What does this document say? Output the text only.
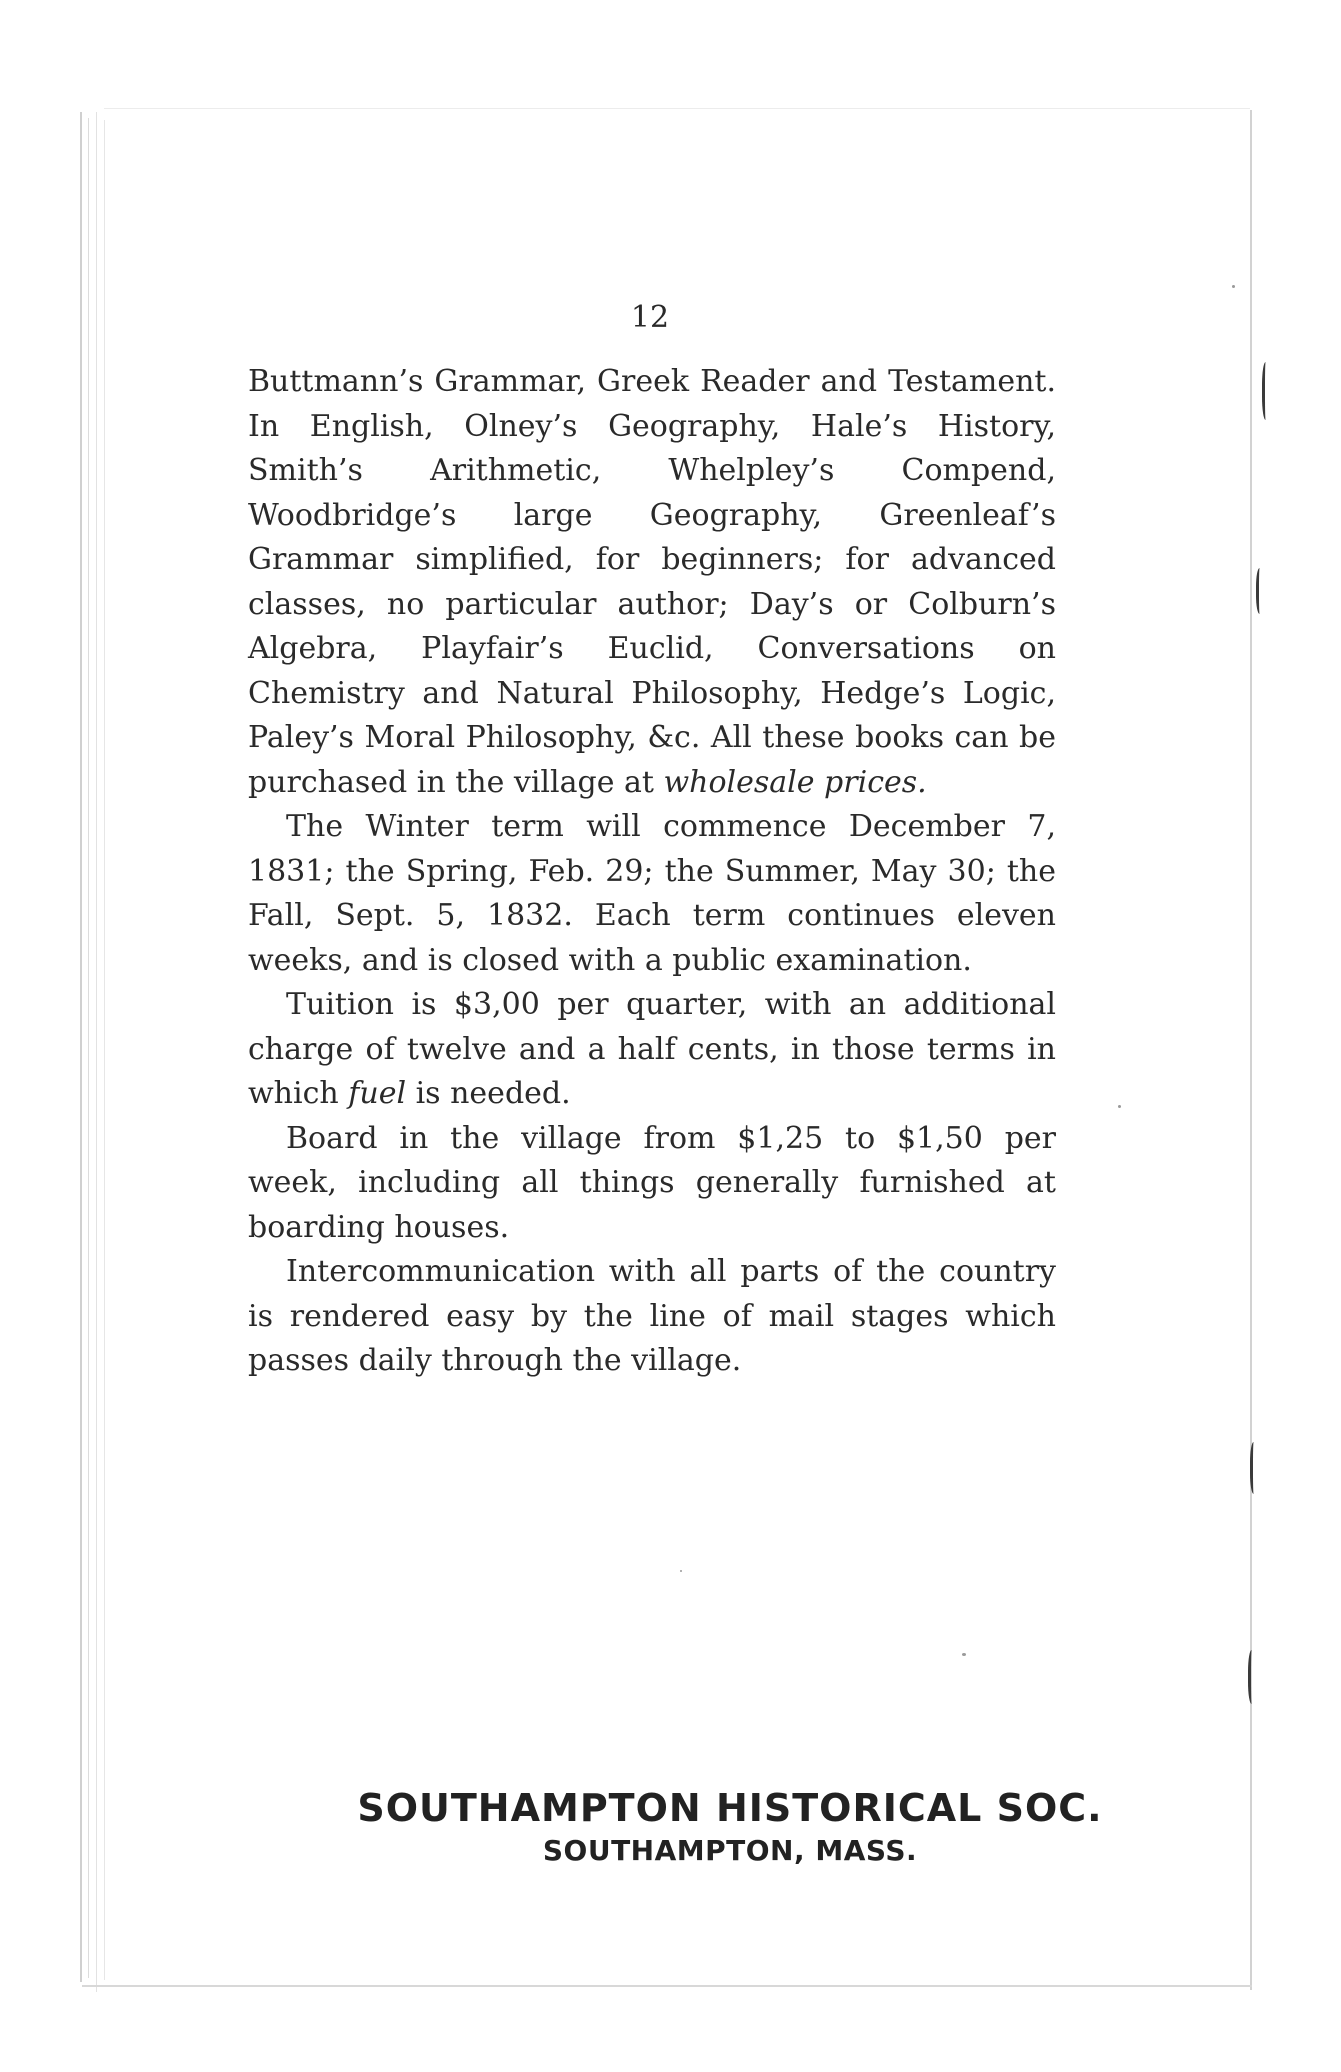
12

Buttmann’s Grammar, Greek Reader and Testament. In English, Olney’s Geography, Hale’s History, Smith’s Arithmetic, Whelpley’s Compend, Woodbridge’s large Geography, Greenleaf’s Grammar simplified, for beginners; for advanced classes, no particular author; Day’s or Colburn’s Algebra, Playfair’s Euclid, Conversations on Chemistry and Natural Philosophy, Hedge’s Logic, Paley’s Moral Philosophy, &c. All these books can be purchased in the village at wholesale prices.

The Winter term will commence December 7, 1831; the Spring, Feb. 29; the Summer, May 30; the Fall, Sept. 5, 1832. Each term continues eleven weeks, and is closed with a public examination.

Tuition is $3,00 per quarter, with an additional charge of twelve and a half cents, in those terms in which fuel is needed.

Board in the village from $1,25 to $1,50 per week, including all things generally furnished at boarding houses.

Intercommunication with all parts of the country is rendered easy by the line of mail stages which passes daily through the village.

SOUTHAMPTON HISTORICAL SOC.
SOUTHAMPTON, MASS.
